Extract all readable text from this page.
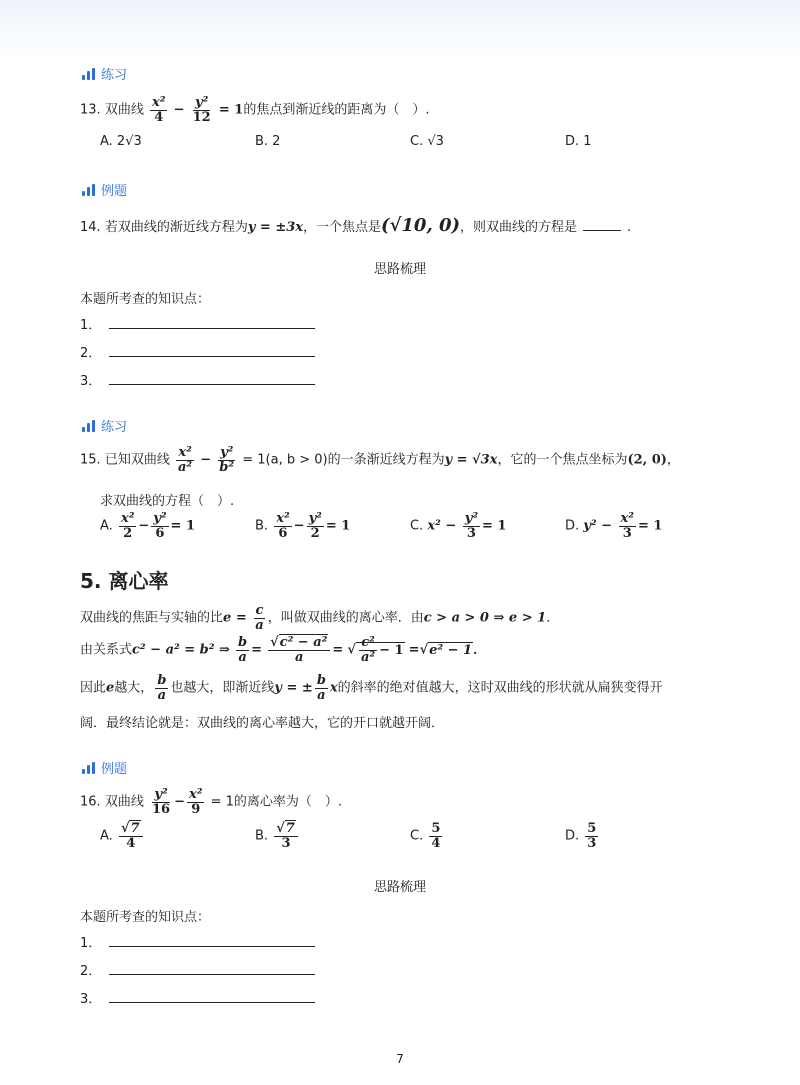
练习
13. 双曲线 $\frac{\text{x²}}{4} - \frac{\text{y²}}{12} = 1$的焦点到渐近线的距离为（　）.
A. 2√3	B. 2	C. √3	D. 1
例题
14. 若双曲线的渐近线方程为y = ±3x，一个焦点是(√10, 0)，则双曲线的方程是	.
思路梳理
本题所考查的知识点：
1．
2．
3．
练习
15. 已知双曲线 $\frac{\text{x²}}{\text{a²}} - \frac{\text{y²}}{\text{b²}} = 1(a$, b > 0)的一条渐近线方程为y = √3x，它的一个焦点坐标为(2, 0)，
求双曲线的方程（　）.
A. $\frac{\text{x²}}{2} - \frac{\text{y²}}{6} = 1$	B. $\frac{\text{x²}}{6} - \frac{\text{y²}}{2} = 1$	C. $x^2 - \frac{\text{y²}}{3} = 1$	D. $y^2 - \frac{\text{x²}}{3} = 1$
5. 离心率
双曲线的焦距与实轴的比$e = \frac{c}{a}$ ，叫做双曲线的离心率．由c > a > 0 ⇒ e > 1．
由关系式c² − a² = b² ⇒ $\frac{b}{a} = \frac{\text{√c² − a²}}{a}$ = √ $\frac{\text{c²}}{\text{a²}} - 1 =√e^2 - 1$．
因此e越大， $\frac{b}{a}$ 也越大，即渐近线y = ± $\frac{b}{a}$ x的斜率的绝对值越大，这时双曲线的形状就从扁狭变得开
阔．最终结论就是：双曲线的离心率越大，它的开口就越开阔．
例题
16. 双曲线 $\frac{\text{y²}}{16} - \frac{\text{x²}}{9} = 1$的离心率为（　）.
A. $\frac{√7}{4}$	B. $\frac{√7}{3}$	C. $\frac{5}{4}$	D. $\frac{5}{3}$
思路梳理
本题所考查的知识点：
1．
2．
3．
7
